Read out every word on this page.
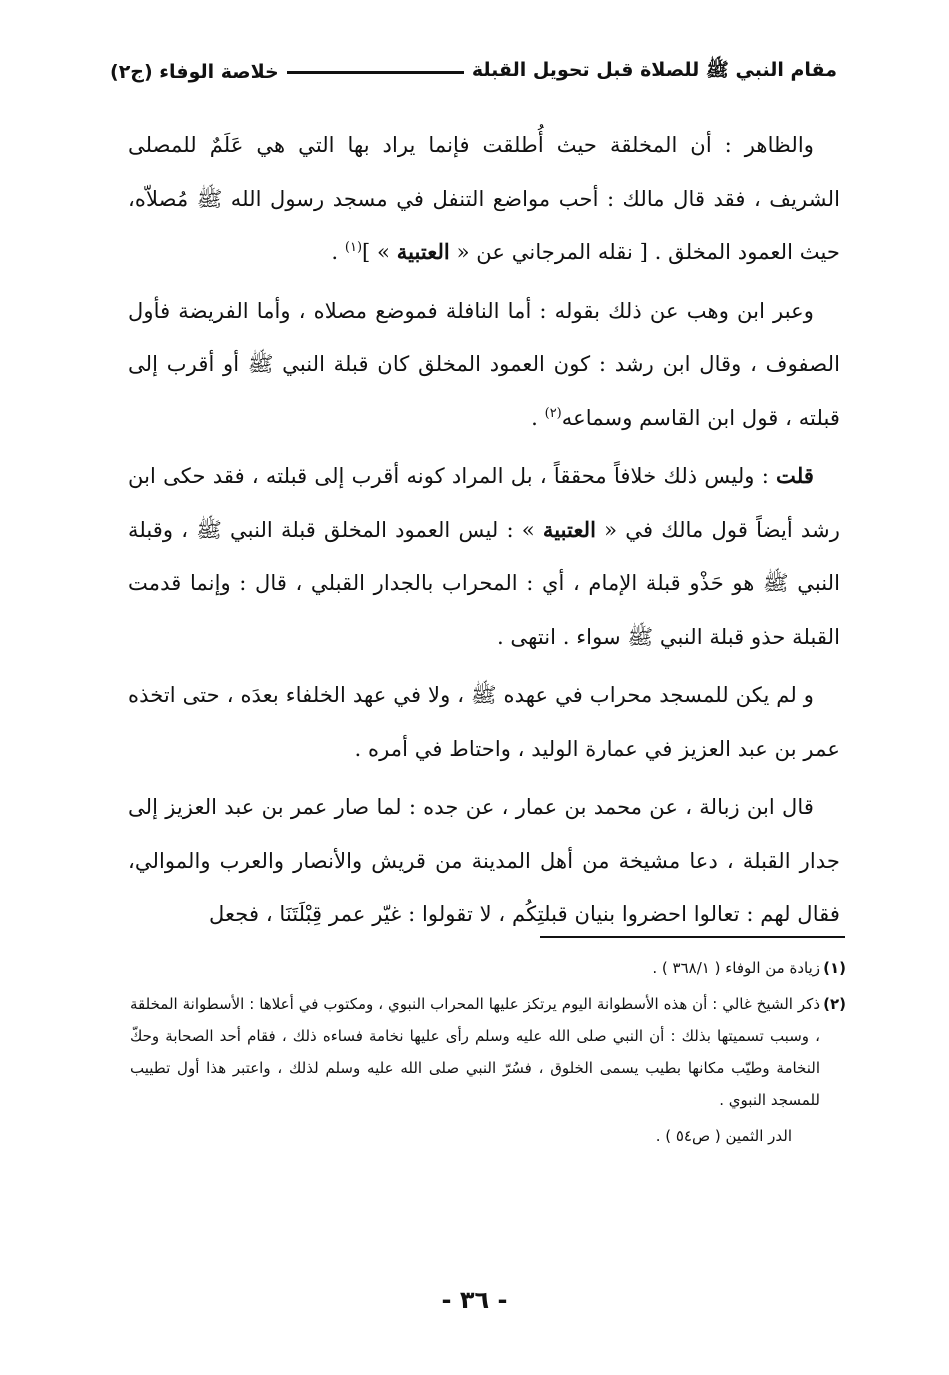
مقام النبي ﷺ للصلاة قبل تحويل القبلة
خلاصة الوفاء (ج٢)

والظاهر : أن المخلقة حيث أُطلقت فإنما يراد بها التي هي عَلَمٌ للمصلى الشريف ، فقد قال مالك : أحب مواضع التنفل في مسجد رسول الله ﷺ مُصلاّه، حيث العمود المخلق . [ نقله المرجاني عن « العتبية » ]$^{(١)}$ .

وعبر ابن وهب عن ذلك بقوله : أما النافلة فموضع مصلاه ، وأما الفريضة فأول الصفوف ، وقال ابن رشد : كون العمود المخلق كان قبلة النبي ﷺ أو أقرب إلى قبلته ، قول ابن القاسم وسماعه$^{(٢)}$ .

قلت : وليس ذلك خلافاً محققاً ، بل المراد كونه أقرب إلى قبلته ، فقد حكى ابن رشد أيضاً قول مالك في « العتبية » : ليس العمود المخلق قبلة النبي ﷺ ، وقبلة النبي ﷺ هو حَذْو قبلة الإمام ، أي : المحراب بالجدار القبلي ، قال : وإنما قدمت القبلة حذو قبلة النبي ﷺ سواء . انتهى .

و لم يكن للمسجد محراب في عهده ﷺ ، ولا في عهد الخلفاء بعدَه ، حتى اتخذه عمر بن عبد العزيز في عمارة الوليد ، واحتاط في أمره .

قال ابن زبالة ، عن محمد بن عمار ، عن جده : لما صار عمر بن عبد العزيز إلى جدار القبلة ، دعا مشيخة من أهل المدينة من قريش والأنصار والعرب والموالي، فقال لهم : تعالوا احضروا بنيان قبلتِكُم ، لا تقولوا : غيّر عمر قِبْلَتَنَا ، فجعل

(١)
زيادة من الوفاء ( ٣٦٨/١ ) .
(٢)
ذكر الشيخ غالي : أن هذه الأسطوانة اليوم يرتكز عليها المحراب النبوي ، ومكتوب في أعلاها : الأسطوانة المخلقة ، وسبب تسميتها بذلك : أن النبي صلى الله عليه وسلم رأى عليها نخامة فساءه ذلك ، فقام أحد الصحابة وحكّ النخامة وطيّب مكانها بطيب يسمى الخلوق ، فسُرّ النبي صلى الله عليه وسلم لذلك ، واعتبر هذا أول تطييب للمسجد النبوي .
الدر الثمين ( ص٥٤ ) .
- ٣٦ -
